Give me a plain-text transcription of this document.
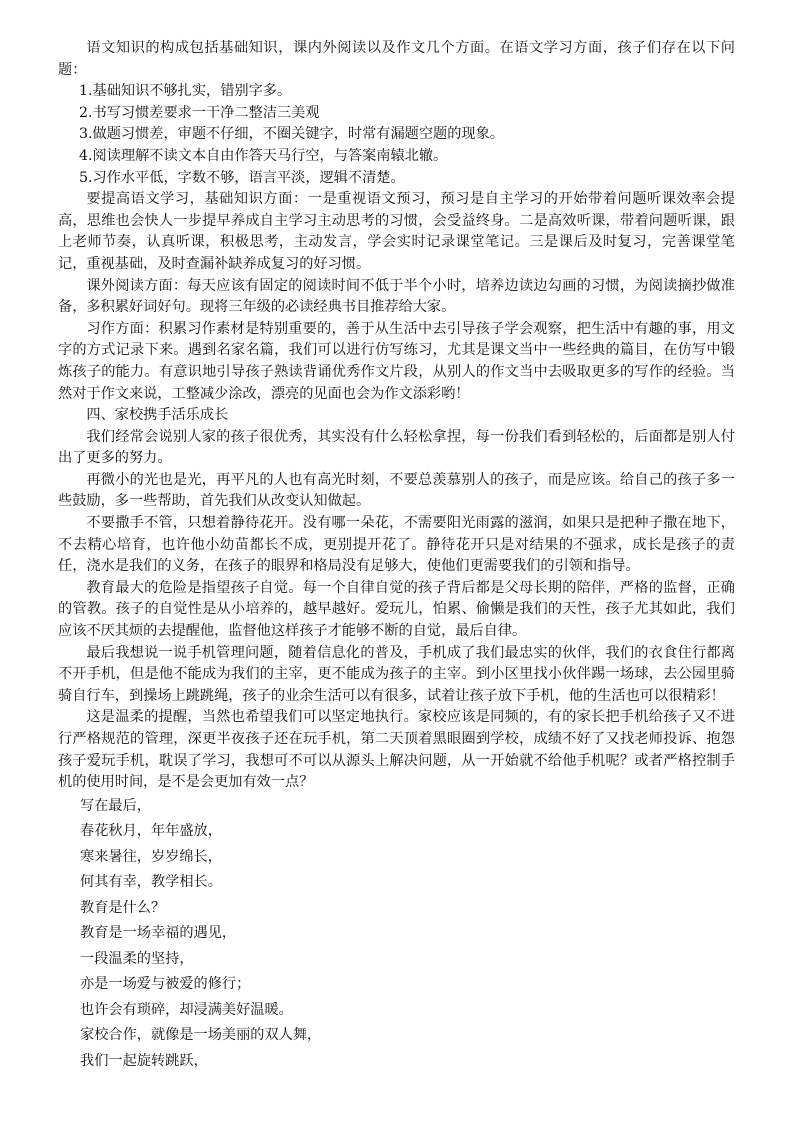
语文知识的构成包括基础知识，课内外阅读以及作文几个方面。在语文学习方面，孩子们存在以下问题：

1.基础知识不够扎实，错别字多。

2.书写习惯差要求一干净二整洁三美观

3.做题习惯差，审题不仔细，不圈关键字，时常有漏题空题的现象。

4.阅读理解不读文本自由作答天马行空，与答案南辕北辙。

5.习作水平低，字数不够，语言平淡，逻辑不清楚。

要提高语文学习，基础知识方面：一是重视语文预习，预习是自主学习的开始带着问题听课效率会提高，思维也会快人一步提早养成自主学习主动思考的习惯，会受益终身。二是高效听课，带着问题听课，跟上老师节奏，认真听课，积极思考，主动发言，学会实时记录课堂笔记。三是课后及时复习，完善课堂笔记，重视基础，及时查漏补缺养成复习的好习惯。

课外阅读方面：每天应该有固定的阅读时间不低于半个小时，培养边读边勾画的习惯，为阅读摘抄做准备，多积累好词好句。现将三年级的必读经典书目推荐给大家。

习作方面：积累习作素材是特别重要的，善于从生活中去引导孩子学会观察，把生活中有趣的事，用文字的方式记录下来。遇到名家名篇，我们可以进行仿写练习，尤其是课文当中一些经典的篇目，在仿写中锻炼孩子的能力。有意识地引导孩子熟读背诵优秀作文片段，从别人的作文当中去吸取更多的写作的经验。当然对于作文来说，工整减少涂改，漂亮的见面也会为作文添彩哟！

四、家校携手活乐成长

我们经常会说别人家的孩子很优秀，其实没有什么轻松拿捏，每一份我们看到轻松的，后面都是别人付出了更多的努力。

再微小的光也是光，再平凡的人也有高光时刻，不要总羡慕别人的孩子，而是应该。给自己的孩子多一些鼓励，多一些帮助，首先我们从改变认知做起。

不要撒手不管，只想着静待花开。没有哪一朵花，不需要阳光雨露的滋润，如果只是把种子撒在地下，不去精心培育，也许他小幼苗都长不成，更别提开花了。静待花开只是对结果的不强求，成长是孩子的责任，浇水是我们的义务，在孩子的眼界和格局没有足够大，使他们更需要我们的引领和指导。

教育最大的危险是指望孩子自觉。每一个自律自觉的孩子背后都是父母长期的陪伴，严格的监督，正确的管教。孩子的自觉性是从小培养的，越早越好。爱玩儿，怕累、偷懒是我们的天性，孩子尤其如此，我们应该不厌其烦的去提醒他，监督他这样孩子才能够不断的自觉，最后自律。

最后我想说一说手机管理问题，随着信息化的普及，手机成了我们最忠实的伙伴，我们的衣食住行都离不开手机，但是他不能成为我们的主宰，更不能成为孩子的主宰。到小区里找小伙伴踢一场球，去公园里骑骑自行车，到操场上跳跳绳，孩子的业余生活可以有很多，试着让孩子放下手机，他的生活也可以很精彩！

这是温柔的提醒，当然也希望我们可以坚定地执行。家校应该是同频的，有的家长把手机给孩子又不进行严格规范的管理，深更半夜孩子还在玩手机，第二天顶着黑眼圈到学校，成绩不好了又找老师投诉、抱怨孩子爱玩手机，耽误了学习，我想可不可以从源头上解决问题，从一开始就不给他手机呢？或者严格控制手机的使用时间，是不是会更加有效一点？

写在最后，

春花秋月，年年盛放，

寒来暑往，岁岁绵长，

何其有幸，教学相长。

教育是什么？

教育是一场幸福的遇见，

一段温柔的坚持，

亦是一场爱与被爱的修行；

也许会有琐碎，却浸满美好温暖。

家校合作，就像是一场美丽的双人舞，

我们一起旋转跳跃，
